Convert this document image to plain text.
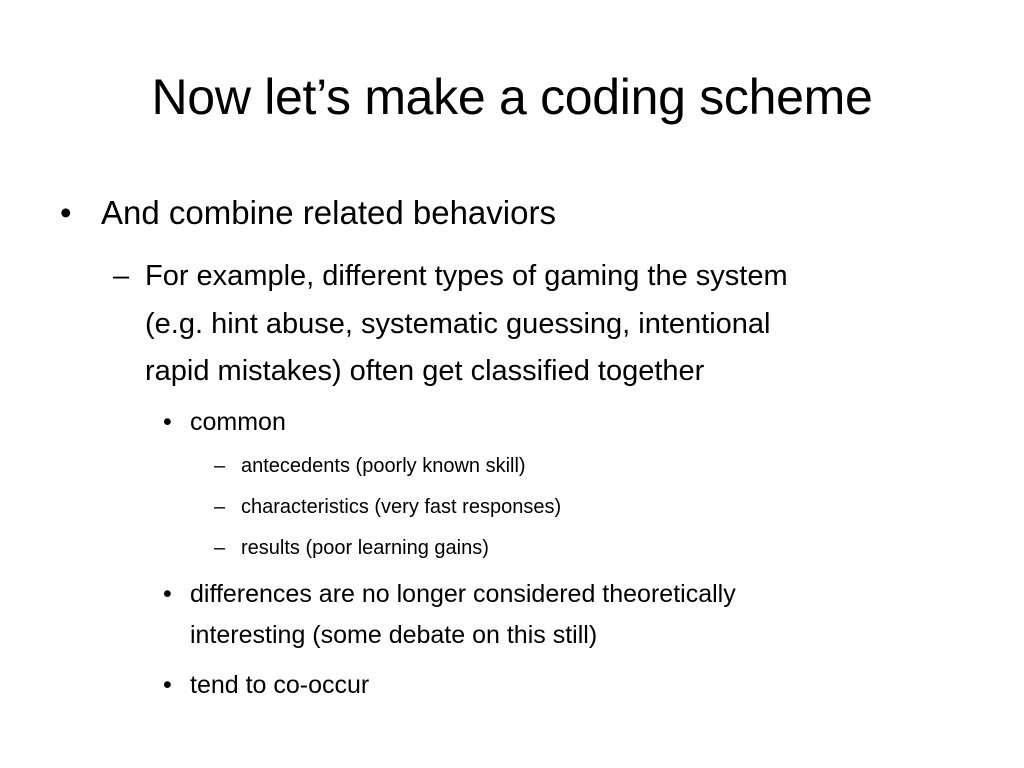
Now let’s make a coding scheme
• And combine related behaviors
– For example, different types of gaming the system
(e.g. hint abuse, systematic guessing, intentional
rapid mistakes) often get classified together
• common
– antecedents (poorly known skill)
– characteristics (very fast responses)
– results (poor learning gains)
• differences are no longer considered theoretically
interesting (some debate on this still)
• tend to co-occur
